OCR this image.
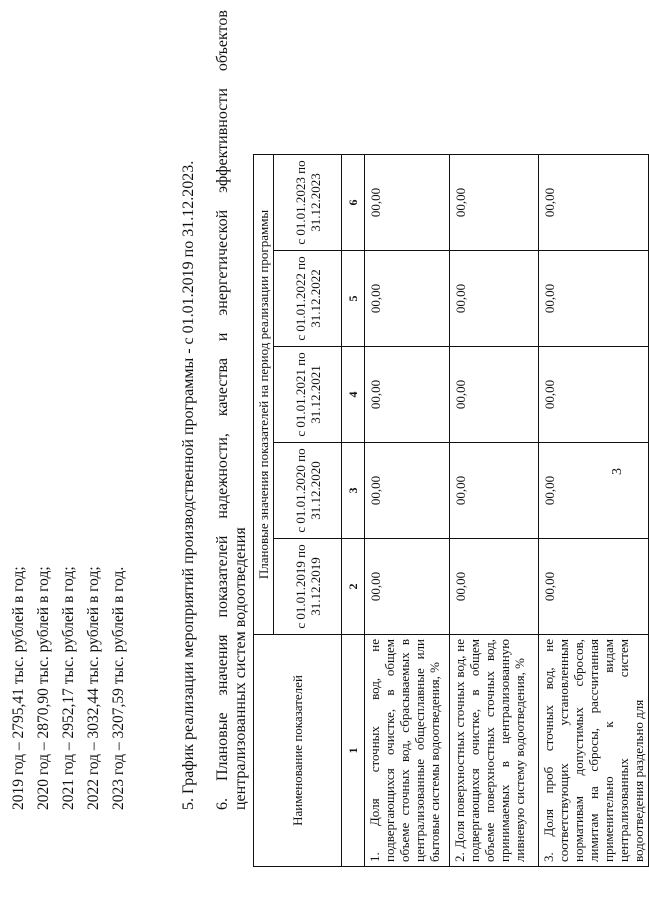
3
2019 год – 2795,41 тыс. рублей в год; 2020 год – 2870,90 тыс. рублей в год; 2021 год – 2952,17 тыс. рублей в год; 2022 год – 3032,44 тыс. рублей в год; 2023 год – 3207,59 тыс. рублей в год.	5. График реализации мероприятий производственной программы - с 01.01.2019 по 31.12.2023. 6.
Плановые
значения
показателей
надежности,
качества
и
энергетической
эффективности
объектов
централизованных систем водоотведения	Наименование показателей	Плановые значения показателей на период реализации программы					
	с 01.01.2019 по 31.12.2019	с 01.01.2020 по 31.12.2020	с 01.01.2021 по 31.12.2021	с 01.01.2022 по 31.12.2022	с 01.01.2023 по 31.12.2023	
1	2	3	4	5	6	
1. Доля сточных вод, не подвергающихся очистке, в общем объеме сточных вод, сбрасываемых в централизованные общесплавные или бытовые системы водоотведения, %	00,00	00,00	00,00	00,00	00,00	
2. Доля поверхностных сточных вод, не подвергающихся очистке, в общем объеме поверхностных сточных вод, принимаемых в централизованную ливневую систему водоотведения, %	00,00	00,00	00,00	00,00	00,00	
3. Доля проб сточных вод, не соответствующих установленным нормативам допустимых сбросов, лимитам на сбросы, рассчитанная применительно к видам централизованных систем водоотведения раздельно для	00,00	00,00	00,00	00,00	00,00	
